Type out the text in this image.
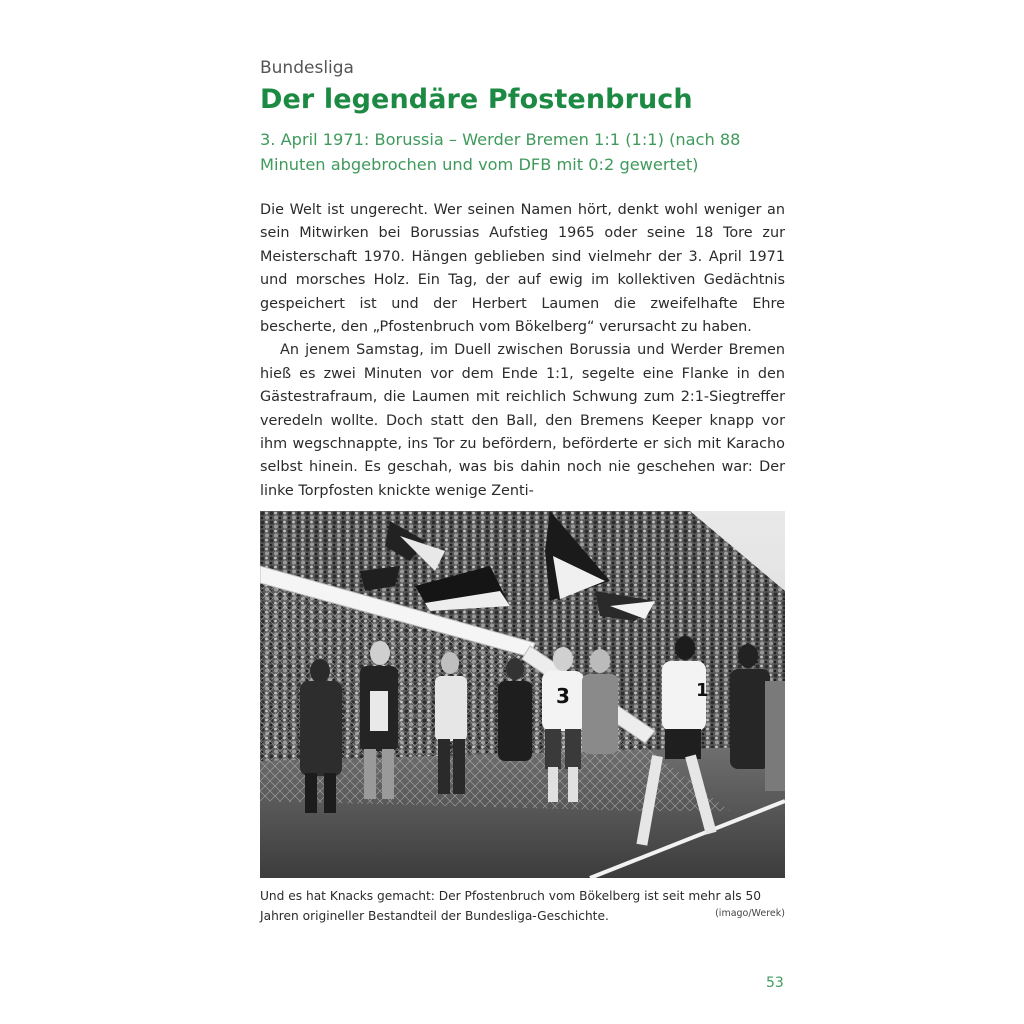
Bundesliga
Der legendäre Pfostenbruch
3. April 1971: Borussia – Werder Bremen 1:1 (1:1) (nach 88 Minuten abgebrochen und vom DFB mit 0:2 gewertet)

Die Welt ist ungerecht. Wer seinen Namen hört, denkt wohl weniger an sein Mitwirken bei Borussias Aufstieg 1965 oder seine 18 Tore zur Meisterschaft 1970. Hängen geblieben sind vielmehr der 3. April 1971 und morsches Holz. Ein Tag, der auf ewig im kollektiven Gedächtnis gespeichert ist und der Herbert Laumen die zweifelhafte Ehre bescherte, den „Pfostenbruch vom Bökelberg“ verursacht zu haben.

An jenem Samstag, im Duell zwischen Borussia und Werder Bremen hieß es zwei Minuten vor dem Ende 1:1, segelte eine Flanke in den Gästestrafraum, die Laumen mit reichlich Schwung zum 2:1-Siegtreffer veredeln wollte. Doch statt den Ball, den Bremens Keeper knapp vor ihm wegschnappte, ins Tor zu befördern, beförderte er sich mit Karacho selbst hinein. Es geschah, was bis dahin noch nie geschehen war: Der linke Torpfosten knickte wenige Zenti-

3	1
Und es hat Knacks gemacht: Der Pfostenbruch vom Bökelberg ist seit mehr als 50 Jahren origineller Bestandteil der Bundesliga-Geschichte.	(imago/Werek)
53
